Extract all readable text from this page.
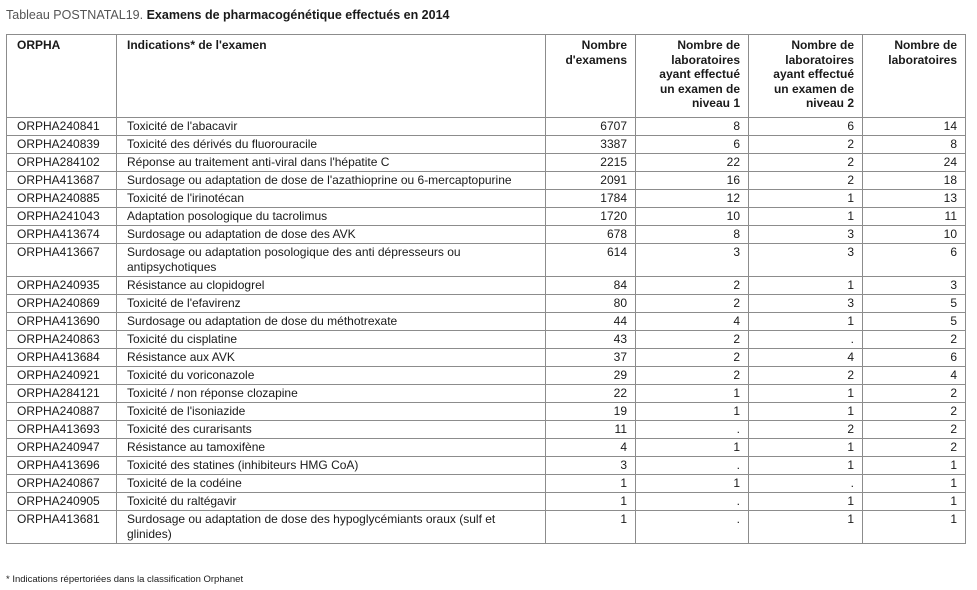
Tableau POSTNATAL19. Examens de pharmacogénétique effectués en 2014
ORPHA	Indications* de l'examen	Nombre d'examens	Nombre de laboratoires ayant effectué un examen de niveau 1	Nombre de laboratoires ayant effectué un examen de niveau 2	Nombre de laboratoires
ORPHA240841	Toxicité de l'abacavir	6707	8	6	14
ORPHA240839	Toxicité des dérivés du fluorouracile	3387	6	2	8
ORPHA284102	Réponse au traitement anti-viral dans l'hépatite C	2215	22	2	24
ORPHA413687	Surdosage ou adaptation de dose de l'azathioprine ou 6-mercaptopurine	2091	16	2	18
ORPHA240885	Toxicité de l'irinotécan	1784	12	1	13
ORPHA241043	Adaptation posologique du tacrolimus	1720	10	1	11
ORPHA413674	Surdosage ou adaptation de dose des AVK	678	8	3	10
ORPHA413667	Surdosage ou adaptation posologique des anti dépresseurs ou antipsychotiques	614	3	3	6
ORPHA240935	Résistance au clopidogrel	84	2	1	3
ORPHA240869	Toxicité de l'efavirenz	80	2	3	5
ORPHA413690	Surdosage ou adaptation de dose du méthotrexate	44	4	1	5
ORPHA240863	Toxicité du cisplatine	43	2	.	2
ORPHA413684	Résistance aux AVK	37	2	4	6
ORPHA240921	Toxicité du voriconazole	29	2	2	4
ORPHA284121	Toxicité / non réponse clozapine	22	1	1	2
ORPHA240887	Toxicité de l'isoniazide	19	1	1	2
ORPHA413693	Toxicité des curarisants	11	.	2	2
ORPHA240947	Résistance au tamoxifène	4	1	1	2
ORPHA413696	Toxicité des statines (inhibiteurs HMG CoA)	3	.	1	1
ORPHA240867	Toxicité de la codéine	1	1	.	1
ORPHA240905	Toxicité du raltégavir	1	.	1	1
ORPHA413681	Surdosage ou adaptation de dose des hypoglycémiants oraux (sulf et glinides)	1	.	1	1
* Indications répertoriées dans la classification Orphanet
